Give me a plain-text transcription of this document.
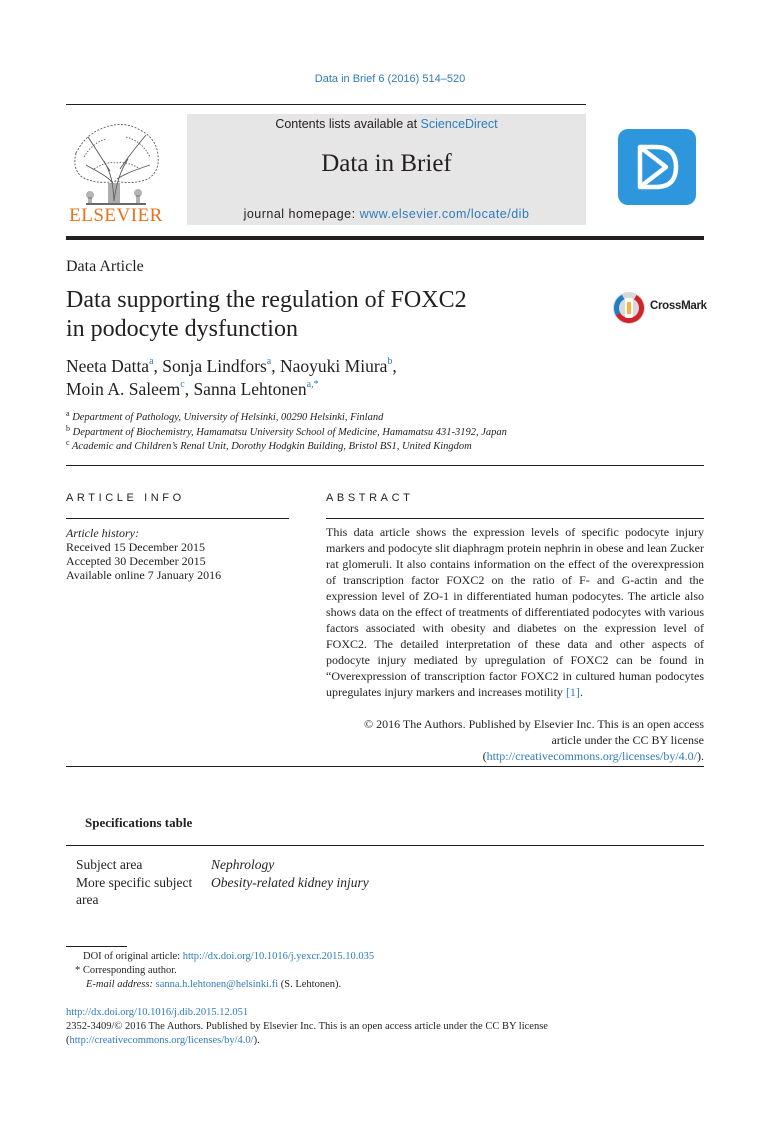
Data in Brief 6 (2016) 514–520
ELSEVIER
Contents lists available at ScienceDirect
Data in Brief
journal homepage: www.elsevier.com/locate/dib
Data Article
Data supporting the regulation of FOXC2
in podocyte dysfunction
CrossMark
Neeta Datta$^a$, Sonja Lindfors$^a$, Naoyuki Miura$^b$,
Moin A. Saleem$^c$, Sanna Lehtonen$^{a,*}$
$^a$ Department of Pathology, University of Helsinki, 00290 Helsinki, Finland
$^b$ Department of Biochemistry, Hamamatsu University School of Medicine, Hamamatsu 431-3192, Japan
$^c$ Academic and Children’s Renal Unit, Dorothy Hodgkin Building, Bristol BS1, United Kingdom
ARTICLE INFO	ABSTRACT
Article history:
Received 15 December 2015
Accepted 30 December 2015
Available online 7 January 2016

This data article shows the expression levels of specific podocyte injury markers and podocyte slit diaphragm protein nephrin in obese and lean Zucker rat glomeruli. It also contains information on the effect of the overexpression of transcription factor FOXC2 on the ratio of F- and G-actin and the expression level of ZO-1 in differentiated human podocytes. The article also shows data on the effect of treatments of differentiated podocytes with various factors associated with obesity and diabetes on the expression level of FOXC2. The detailed interpretation of these data and other aspects of podocyte injury mediated by upregulation of FOXC2 can be found in “Overexpression of transcription factor FOXC2 in cultured human podocytes upregulates injury markers and increases motility [1].

© 2016 The Authors. Published by Elsevier Inc. This is an open access
article under the CC BY license
(http://creativecommons.org/licenses/by/4.0/).
Specifications table
Subject area	Nephrology
More specific subject area
Obesity-related kidney injury
DOI of original article: http://dx.doi.org/10.1016/j.yexcr.2015.10.035
* Corresponding author.
E-mail address: sanna.h.lehtonen@helsinki.fi (S. Lehtonen).
http://dx.doi.org/10.1016/j.dib.2015.12.051
2352-3409/© 2016 The Authors. Published by Elsevier Inc. This is an open access article under the CC BY license
(http://creativecommons.org/licenses/by/4.0/).
